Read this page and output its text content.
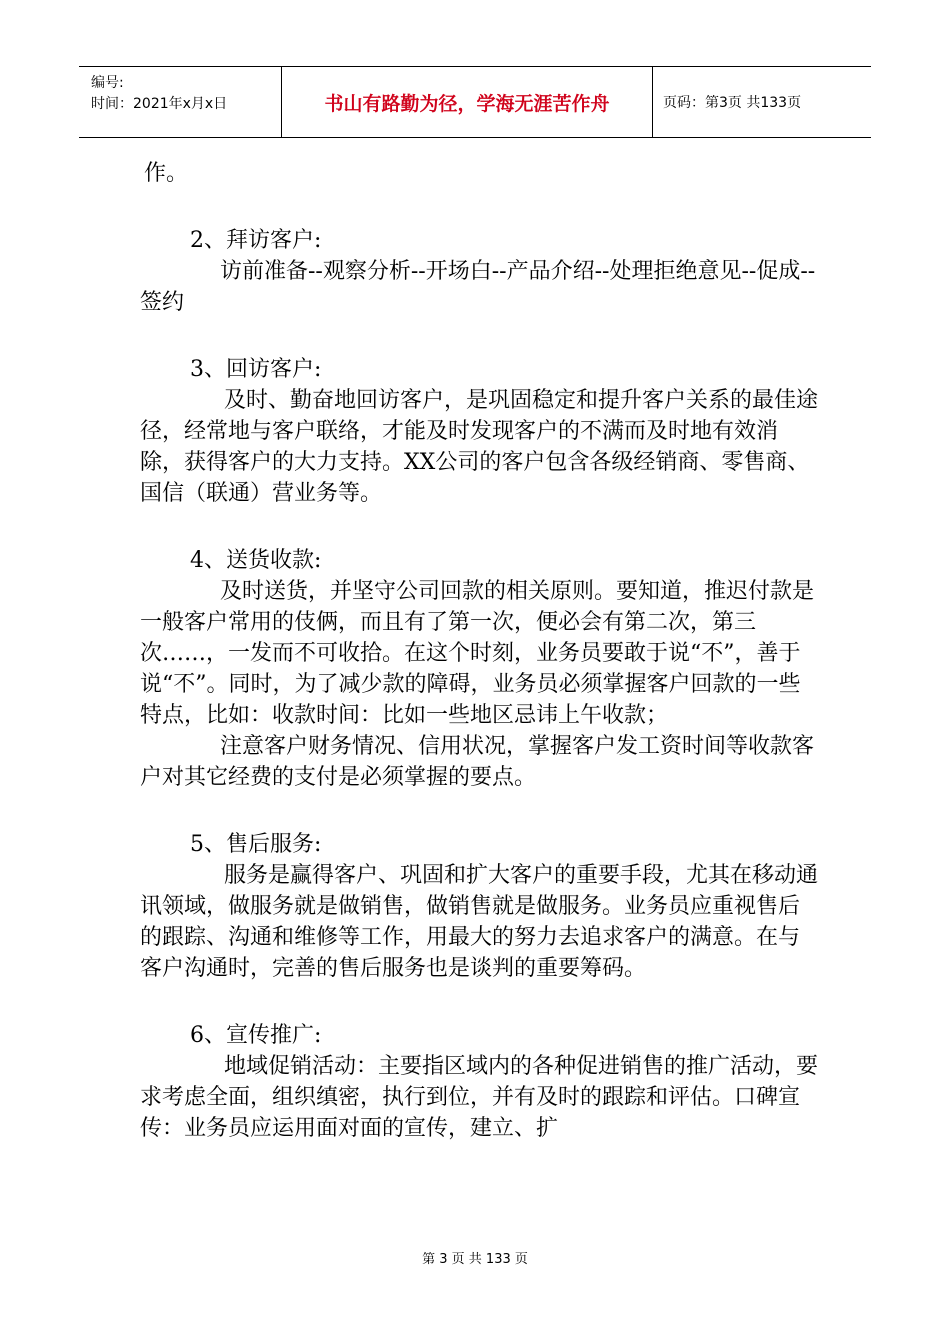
编号:
时间：2021年x月x日	书山有路勤为径，学海无涯苦作舟	页码：第3页 共133页

作。

2、拜访客户:

访前准备--观察分析--开场白--产品介绍--处理拒绝意见--促成--签约

3、回访客户:

及时、勤奋地回访客户，是巩固稳定和提升客户关系的最佳途径，经常地与客户联络，才能及时发现客户的不满而及时地有效消除，获得客户的大力支持。XX公司的客户包含各级经销商、零售商、国信（联通）营业务等。

4、送货收款:

及时送货，并坚守公司回款的相关原则。要知道，推迟付款是一般客户常用的伎俩，而且有了第一次，便必会有第二次，第三次……，一发而不可收拾。在这个时刻，业务员要敢于说“不”，善于说“不”。同时，为了减少款的障碍，业务员必须掌握客户回款的一些特点，比如：收款时间：比如一些地区忌讳上午收款；

注意客户财务情况、信用状况，掌握客户发工资时间等收款客户对其它经费的支付是必须掌握的要点。

5、售后服务:

服务是赢得客户、巩固和扩大客户的重要手段，尤其在移动通讯领域，做服务就是做销售，做销售就是做服务。业务员应重视售后的跟踪、沟通和维修等工作，用最大的努力去追求客户的满意。在与客户沟通时，完善的售后服务也是谈判的重要筹码。

6、宣传推广:

地域促销活动：主要指区域内的各种促进销售的推广活动，要求考虑全面，组织缜密，执行到位，并有及时的跟踪和评估。口碑宣传：业务员应运用面对面的宣传，建立、扩

第 3 页 共 133 页
